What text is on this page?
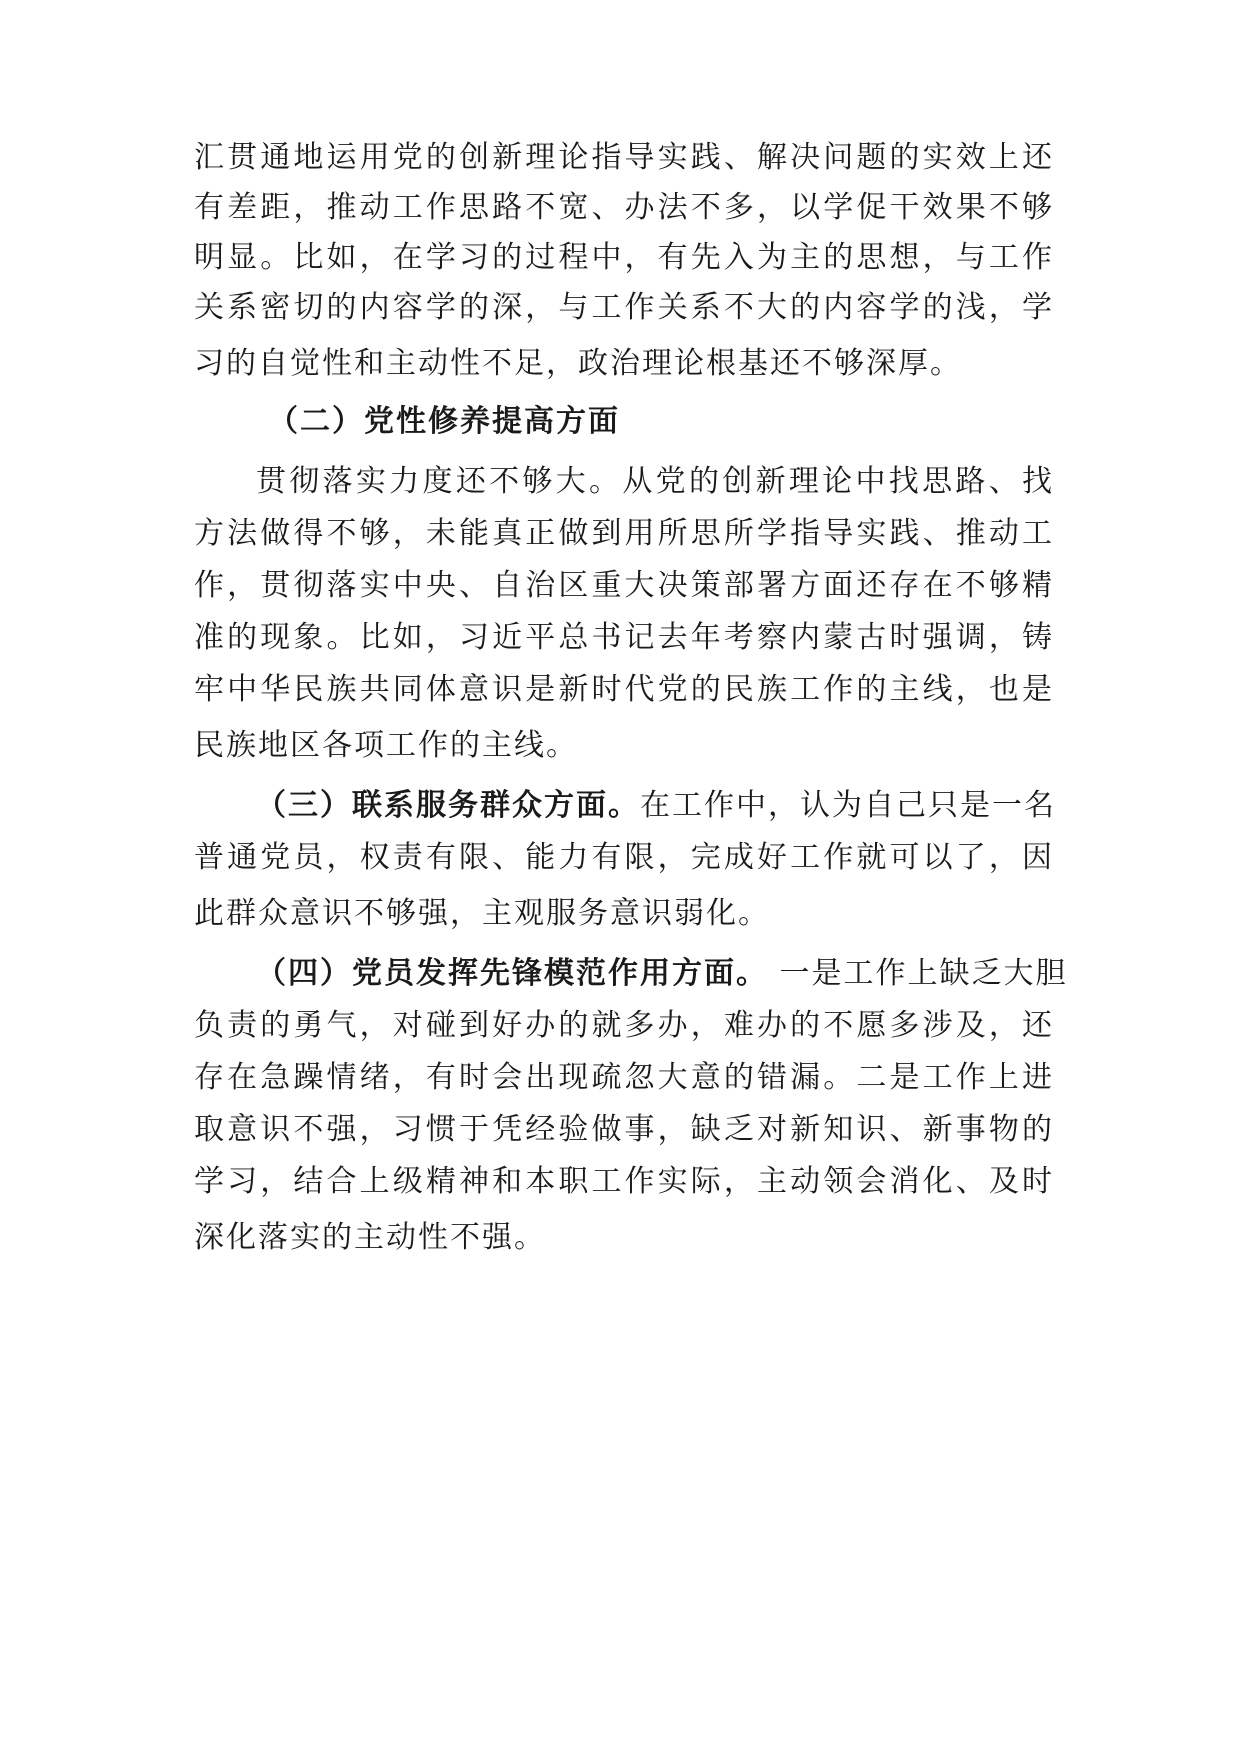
汇贯通地运用党的创新理论指导实践、解决问题的实效上还
有差距，推动工作思路不宽、办法不多，以学促干效果不够
明显。比如，在学习的过程中，有先入为主的思想，与工作
关系密切的内容学的深，与工作关系不大的内容学的浅，学
习的自觉性和主动性不足，政治理论根基还不够深厚。
（二）党性修养提高方面
贯彻落实力度还不够大。从党的创新理论中找思路、找
方法做得不够，未能真正做到用所思所学指导实践、推动工
作，贯彻落实中央、自治区重大决策部署方面还存在不够精
准的现象。比如，习近平总书记去年考察内蒙古时强调，铸
牢中华民族共同体意识是新时代党的民族工作的主线，也是
民族地区各项工作的主线。
（三）联系服务群众方面。在工作中，认为自己只是一名
普通党员，权责有限、能力有限，完成好工作就可以了，因
此群众意识不够强，主观服务意识弱化。
（四）党员发挥先锋模范作用方面。 一是工作上缺乏大胆
负责的勇气，对碰到好办的就多办，难办的不愿多涉及，还
存在急躁情绪，有时会出现疏忽大意的错漏。二是工作上进
取意识不强，习惯于凭经验做事，缺乏对新知识、新事物的
学习，结合上级精神和本职工作实际，主动领会消化、及时
深化落实的主动性不强。
